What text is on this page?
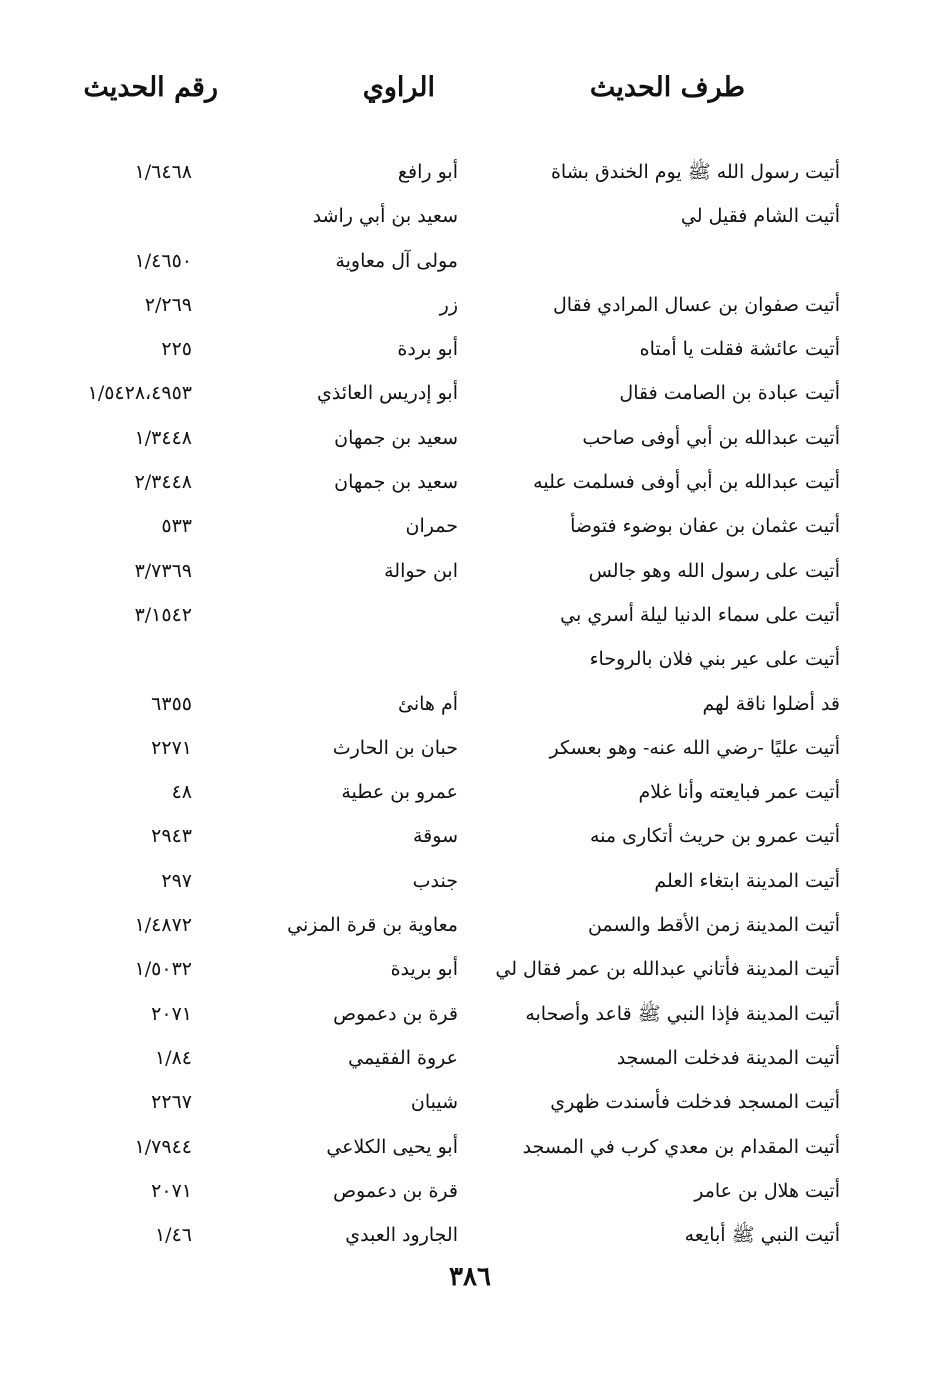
طرف الحديث
الراوي
رقم الحديث
أتيت رسول الله ﷺ يوم الخندق بشاة
أبو رافع
١/٦٤٦٨
أتيت الشام فقيل لي
سعيد بن أبي راشد
مولى آل معاوية
١/٤٦٥٠
أتيت صفوان بن عسال المرادي فقال
زر
٢/٢٦٩
أتيت عائشة فقلت يا أمتاه
أبو بردة
٢٢٥
أتيت عبادة بن الصامت فقال
أبو إدريس العائذي
١/٥٤٢٨،٤٩٥٣
أتيت عبدالله بن أبي أوفى صاحب
سعيد بن جمهان
١/٣٤٤٨
أتيت عبدالله بن أبي أوفى فسلمت عليه
سعيد بن جمهان
٢/٣٤٤٨
أتيت عثمان بن عفان بوضوء فتوضأ
حمران
٥٣٣
أتيت على رسول الله وهو جالس
ابن حوالة
٣/٧٣٦٩
أتيت على سماء الدنيا ليلة أسري بي
٣/١٥٤٢
أتيت على عير بني فلان بالروحاء
قد أضلوا ناقة لهم
أم هانئ
٦٣٥٥
أتيت عليًا -رضي الله عنه- وهو بعسكر
حبان بن الحارث
٢٢٧١
أتيت عمر فبايعته وأنا غلام
عمرو بن عطية
٤٨
أتيت عمرو بن حريث أتكارى منه
سوقة
٢٩٤٣
أتيت المدينة ابتغاء العلم
جندب
٢٩٧
أتيت المدينة زمن الأقط والسمن
معاوية بن قرة المزني
١/٤٨٧٢
أتيت المدينة فأتاني عبدالله بن عمر فقال لي
أبو بريدة
١/٥٠٣٢
أتيت المدينة فإذا النبي ﷺ قاعد وأصحابه
قرة بن دعموص
٢٠٧١
أتيت المدينة فدخلت المسجد
عروة الفقيمي
١/٨٤
أتيت المسجد فدخلت فأسندت ظهري
شيبان
٢٢٦٧
أتيت المقدام بن معدي كرب في المسجد
أبو يحيى الكلاعي
١/٧٩٤٤
أتيت هلال بن عامر
قرة بن دعموص
٢٠٧١
أتيت النبي ﷺ أبايعه
الجارود العبدي
١/٤٦
٣٨٦
